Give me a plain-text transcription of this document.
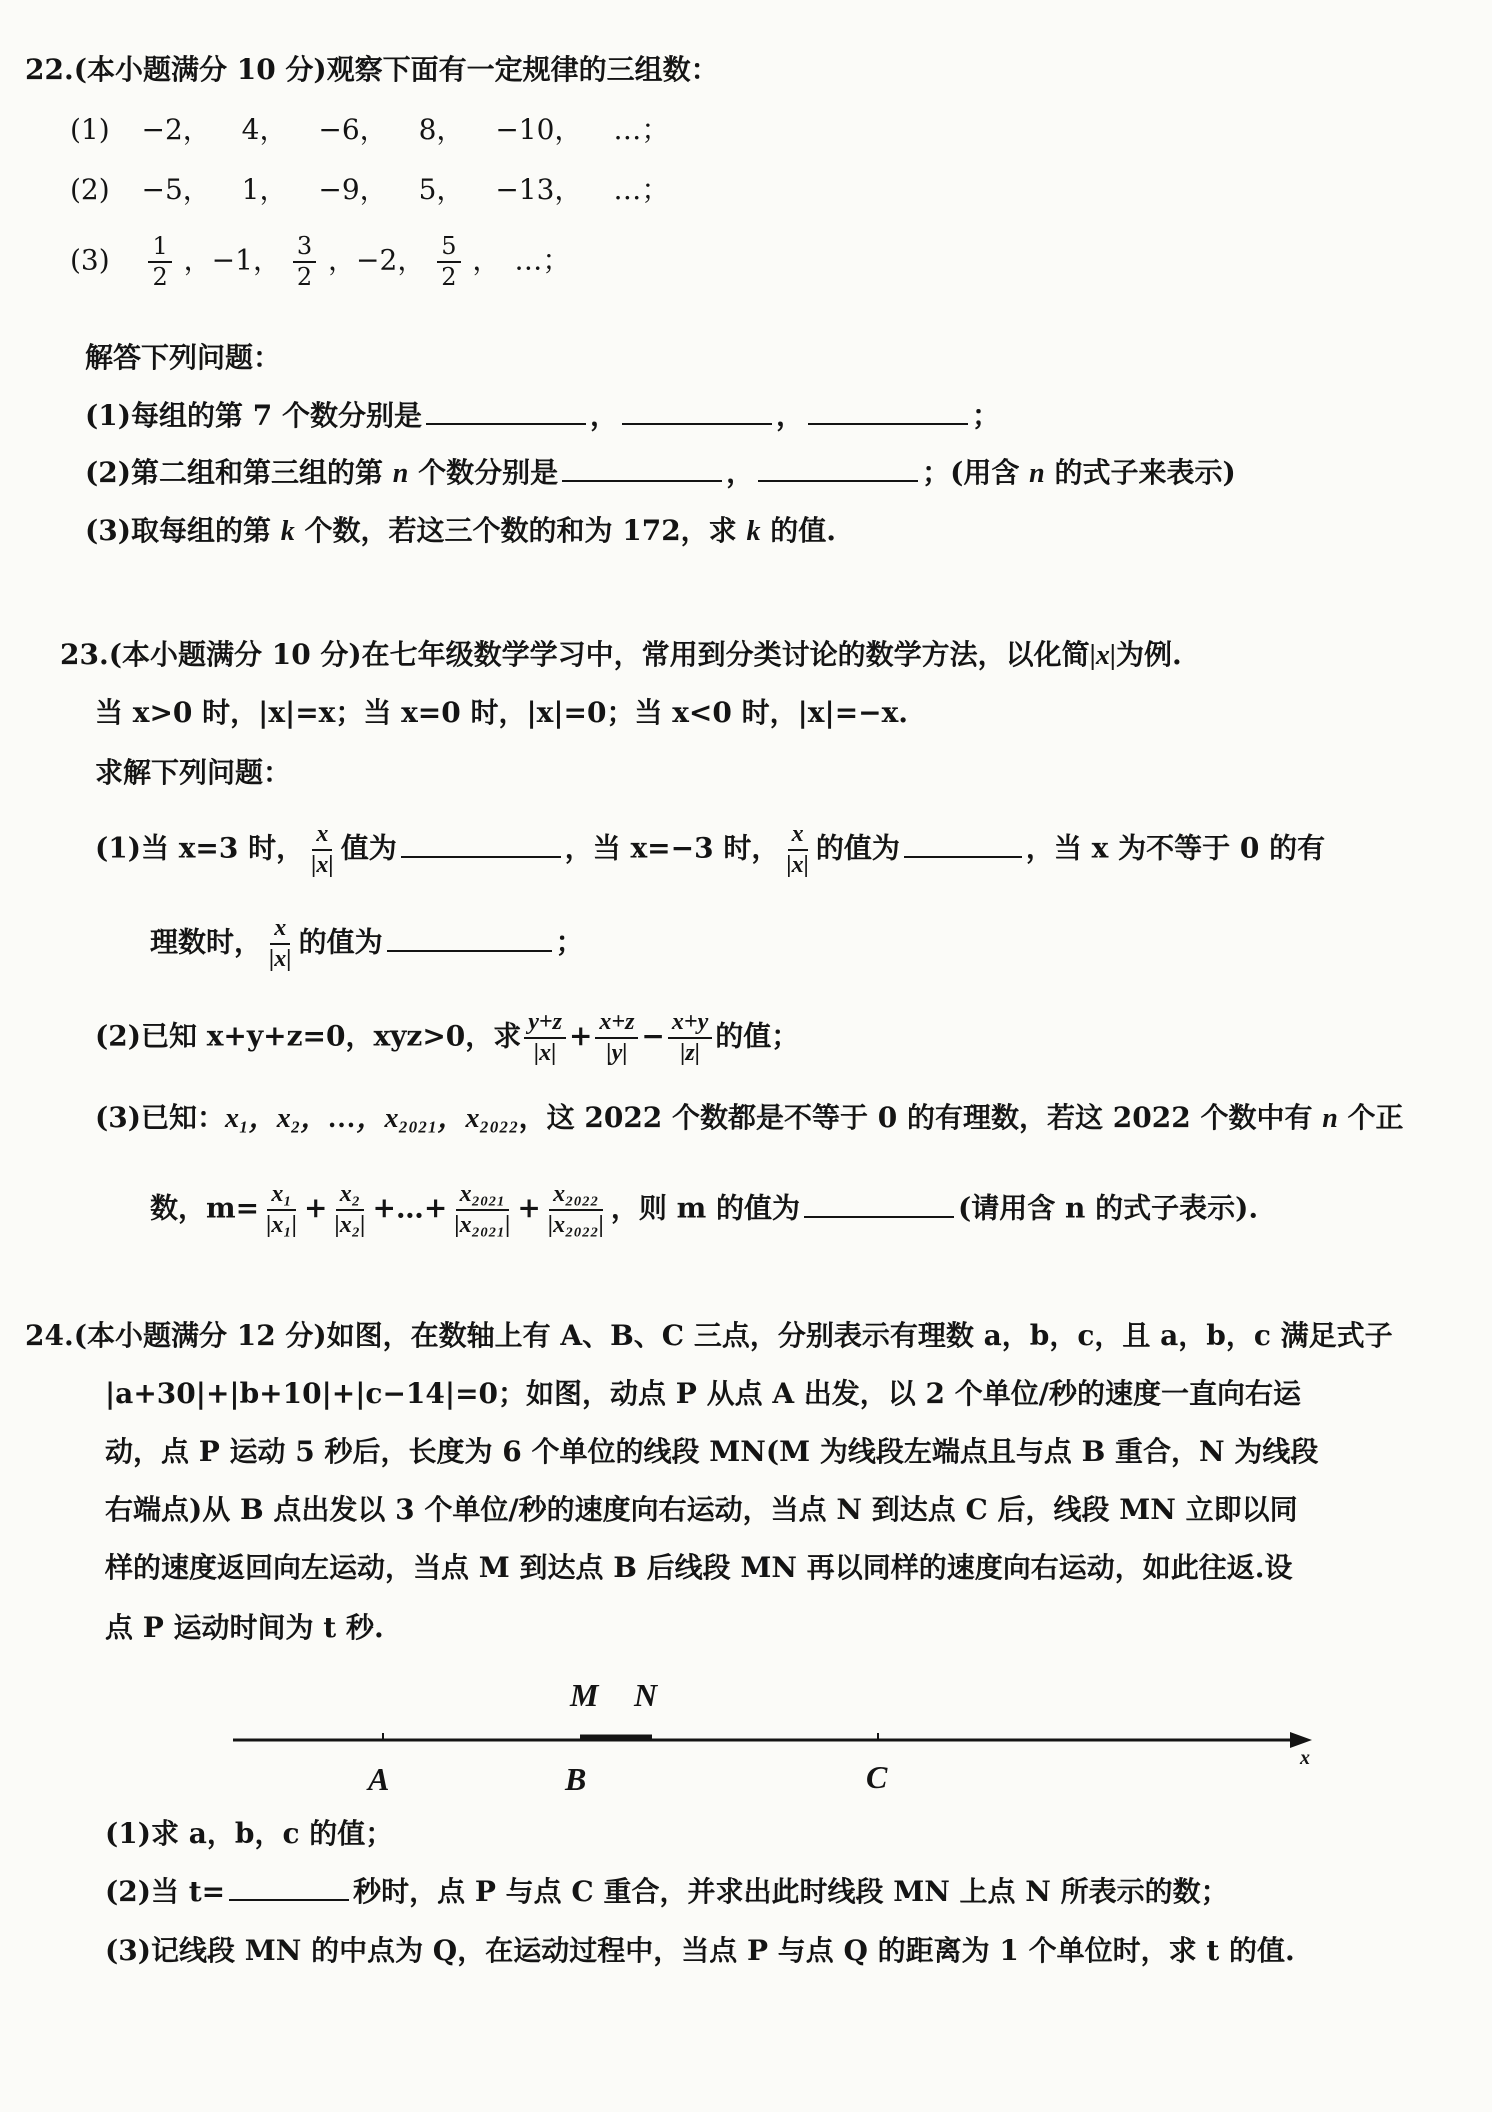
22.(本小题满分 10 分)观察下面有一定规律的三组数：
(1) −2， 4， −6， 8， −10， …；
(2) −5， 1， −9， 5， −13， …；
$(3) \frac{1}{2}$ ，−1， $\frac{3}{2}$ ，−2， $\frac{5}{2}$ ，　…；
解答下列问题：
(1)每组的第 7 个数分别是	，	，	；
(2)第二组和第三组的第 n 个数分别是	，	；(用含 n 的式子来表示)
(3)取每组的第 k 个数，若这三个数的和为 172，求 k 的值.
23.(本小题满分 10 分)在七年级数学学习中，常用到分类讨论的数学方法，以化简|x|为例.
当 x>0 时，|x|=x；当 x=0 时，|x|=0；当 x<0 时，|x|=−x.
求解下列问题：
(1)当 x=3 时， $\frac{x}{|x|}$ 值为	，当 x=−3 时， $\frac{x}{|x|}$ 的值为	，当 x 为不等于 0 的有
理数时， $\frac{x}{|x|}$ 的值为	；
(2)已知 x+y+z=0，xyz>0，求 $\frac{y+z}{|x|} + \frac{x+z}{|y|} - \frac{x+y}{|z|}$ 的值；
(3)已知：x₁，x₂，…，x₂₀₂₁，x₂₀₂₂，这 2022 个数都是不等于 0 的有理数，若这 2022 个数中有 n 个正
数，$m= \frac{\text{x₁}}{\text{|x₁|}} + \frac{\text{x₂}}{\text{|x₂|}}$ +…+ $\frac{\text{x₂₀₂₁}}{\text{|x₂₀₂₁|}} + \frac{\text{x₂₀₂₂}}{\text{|x₂₀₂₂|}}$ ，则 m 的值为	(请用含 n 的式子表示).
24.(本小题满分 12 分)如图，在数轴上有 A、B、C 三点，分别表示有理数 a，b，c，且 a，b，c 满足式子
|a+30|+|b+10|+|c−14|=0；如图，动点 P 从点 A 出发，以 2 个单位/秒的速度一直向右运
动，点 P 运动 5 秒后，长度为 6 个单位的线段 MN(M 为线段左端点且与点 B 重合，N 为线段
右端点)从 B 点出发以 3 个单位/秒的速度向右运动，当点 N 到达点 C 后，线段 MN 立即以同
样的速度返回向左运动，当点 M 到达点 B 后线段 MN 再以同样的速度向右运动，如此往返.设
点 P 运动时间为 t 秒.
M N
A	B	C
x
(1)求 a，b，c 的值；
(2)当 t=	秒时，点 P 与点 C 重合，并求出此时线段 MN 上点 N 所表示的数；
(3)记线段 MN 的中点为 Q，在运动过程中，当点 P 与点 Q 的距离为 1 个单位时，求 t 的值.
